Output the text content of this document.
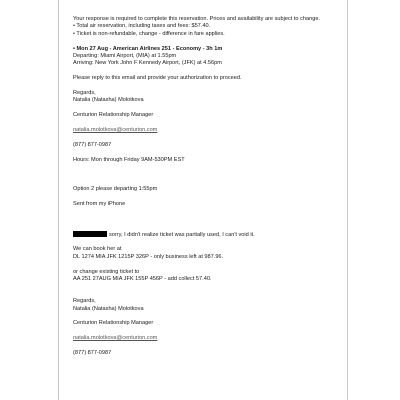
Your response is required to complete this reservation. Prices and availability are subject to change.
• Total air reservation, including taxes and fees: $57.40.
• Ticket is non-refundable, change - difference in fare applies.
• Mon 27 Aug - American Airlines 251 - Economy - 3h 1m
Departing: Miami Airport, (MIA) at 1.55pm
Arriving: New York John F Kennedy Airport, (JFK) at 4.56pm
Please reply to this email and provide your authorization to proceed.
Regards,
Natalia (Natasha) Molotkova
Centurion Relationship Manager
natalia.molotkova@centurion.com
(877) 877-0987
Hours: Mon through Friday 9AM-530PM EST
Option 2 please departing 1:55pm
Sent from my iPhone
sorry, I didn't realize ticket was partially used, I can't void it.
We can book her at
DL 1274 MIA JFK 1215P 326P - only business left at 987.96.
or change existing ticket to
AA 251 27AUG MIA JFK 155P 456P - add collect 57.40.
Regards,
Natalia (Natasha) Molotkova
Centurion Relationship Manager
natalia.molotkova@centurion.com
(877) 877-0987
